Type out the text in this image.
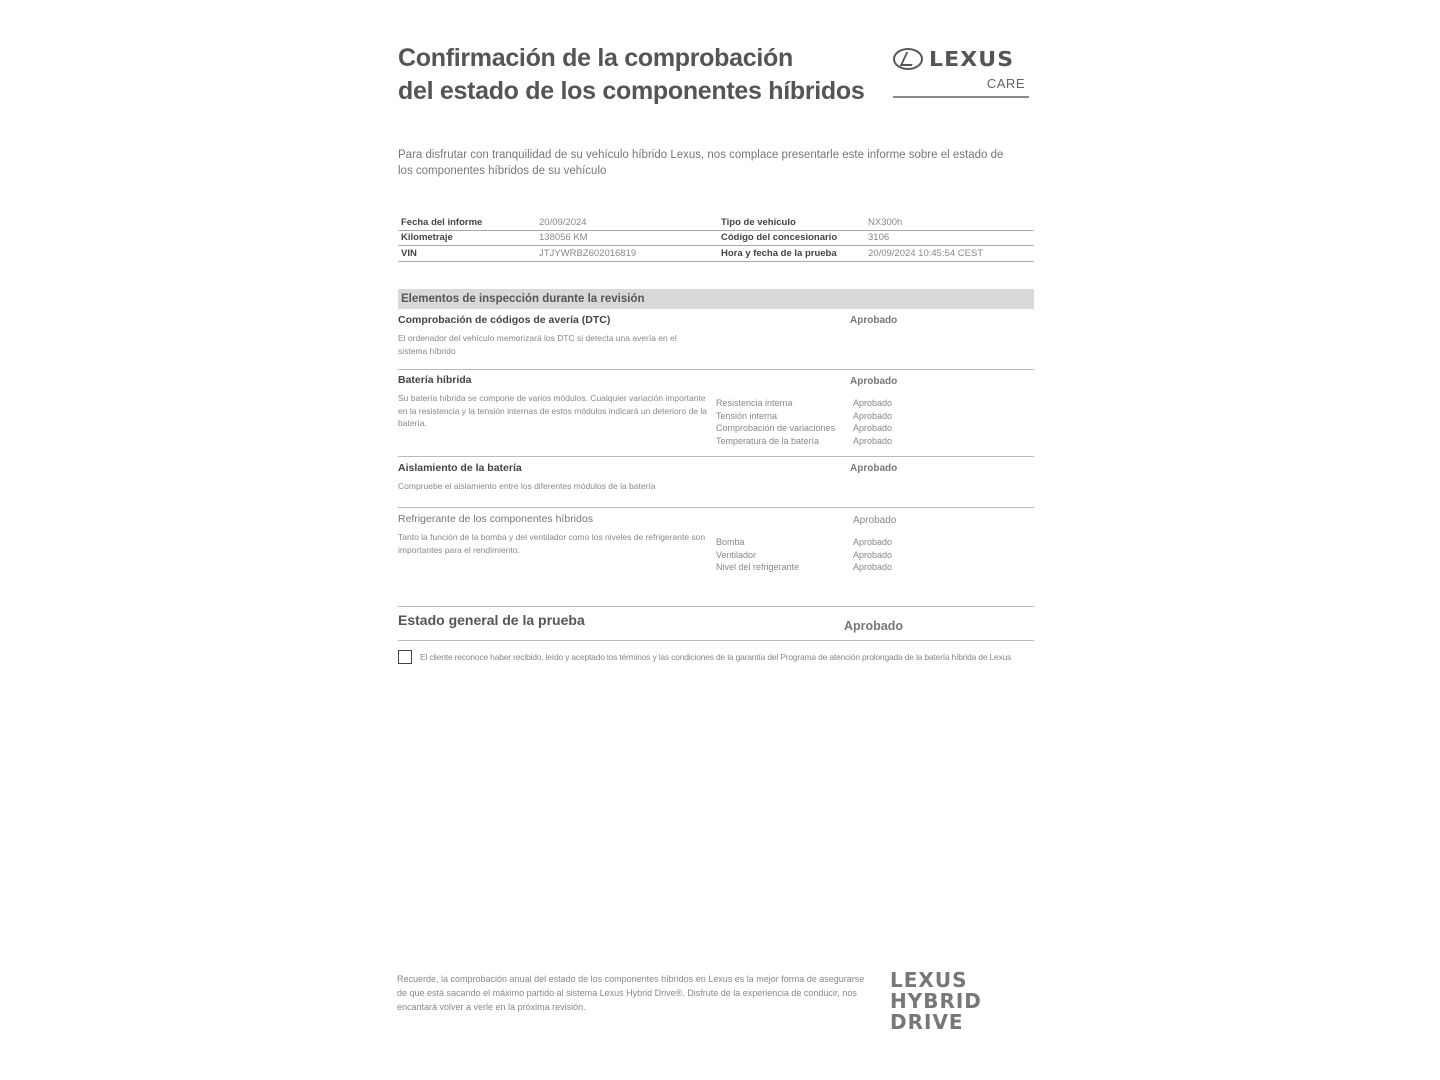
Confirmación de la comprobación
del estado de los componentes híbridos
LEXUS
CARE
Para disfrutar con tranquilidad de su vehículo híbrido Lexus, nos complace presentarle este informe sobre el estado de los componentes híbridos de su vehículo
Fecha del informe	20/09/2024	Tipo de vehículo	NX300h
Kilometraje	138056 KM	Código del concesionario	3106
VIN	JTJYWRBZ602016819	Hora y fecha de la prueba	20/09/2024 10:45:54 CEST
Elementos de inspección durante la revisión
Comprobación de códigos de avería (DTC)
El ordenador del vehículo memorizará los DTC si detecta una avería en el sistema híbrido
Aprobado
Batería híbrida
Su batería híbrida se compone de varios módulos. Cualquier variación importante en la resistencia y la tensión internas de estos módulos indicará un deterioro de la batería.
Aprobado
Resistencia interna	Aprobado
Tensión interna	Aprobado
Comprobación de variaciones Aprobado
Temperatura de la batería	Aprobado
Aislamiento de la batería
Compruebe el aislamiento entre los diferentes módulos de la batería
Aprobado
Refrigerante de los componentes híbridos
Tanto la función de la bomba y del ventilador como los niveles de refrigerante son importantes para el rendimiento.
Aprobado
Bomba	Aprobado
Ventilador	Aprobado
Nivel del refrigerante	Aprobado
Estado general de la prueba	Aprobado
El cliente reconoce haber recibido, leído y aceptado los términos y las condiciones de la garantía del Programa de atención prolongada de la batería híbrida de Lexus
Recuerde, la comprobación anual del estado de los componentes híbridos en Lexus es la mejor forma de asegurarse de que está sacando el máximo partido al sistema Lexus Hybrid Drive®. Disfrute de la experiencia de conducir, nos encantará volver a verle en la próxima revisión.
LEXUS
HYBRID
DRIVE
